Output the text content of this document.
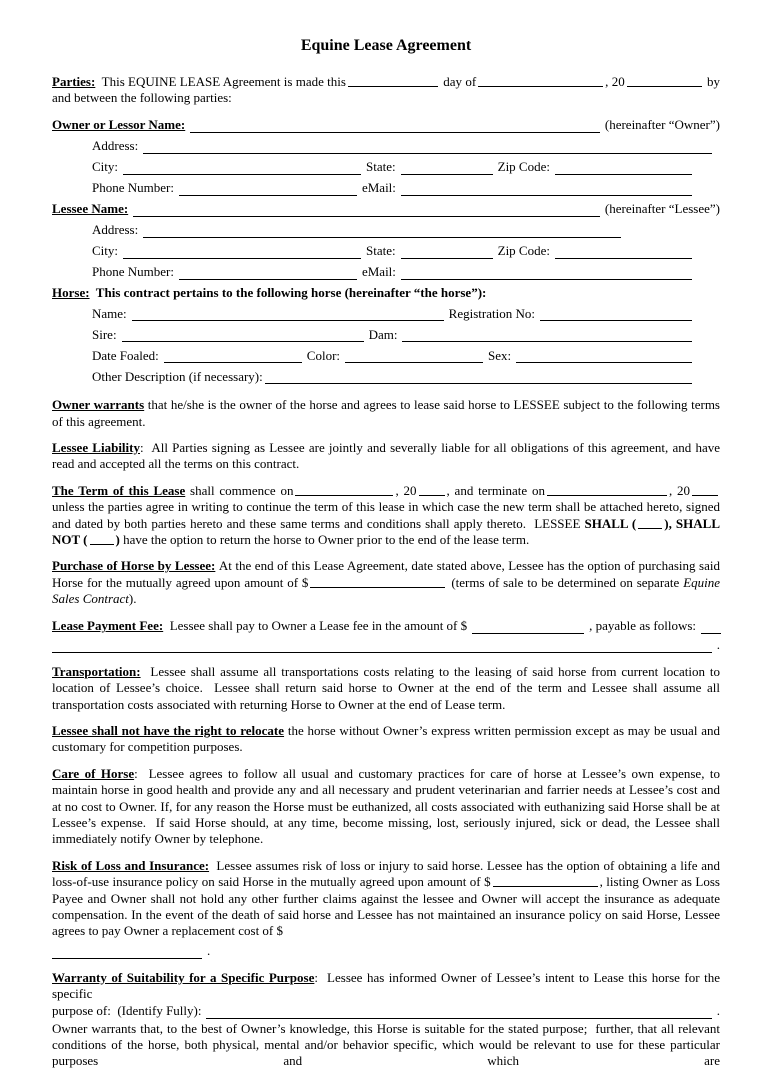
Equine Lease Agreement

Parties:  This EQUINE LEASE Agreement is made this	day of	, 20	by and between the following parties:

Owner or Lessor Name:	(hereinafter “Owner”)
Address:
City:	State:	Zip Code:
Phone Number:	eMail:
Lessee Name:	(hereinafter “Lessee”)
Address:
City:	State:	Zip Code:
Phone Number:	eMail:
Horse: This contract pertains to the following horse (hereinafter “the horse”):
Name:	Registration No:
Sire:	Dam:
Date Foaled:	Color:	Sex:
Other Description (if necessary):

Owner warrants that he/she is the owner of the horse and agrees to lease said horse to LESSEE subject to the following terms of this agreement.

Lessee Liability:  All Parties signing as Lessee are jointly and severally liable for all obligations of this agreement, and have read and accepted all the terms on this contract.

The Term of this Lease shall commence on	, 20 , and terminate on	, 20 unless the parties agree in writing to continue the term of this lease in which case the new term shall be attached hereto, signed and dated by both parties hereto and these same terms and conditions shall apply thereto.  LESSEE SHALL ( ), SHALL NOT ( ) have the option to return the horse to Owner prior to the end of the lease term.

Purchase of Horse by Lessee: At the end of this Lease Agreement, date stated above, Lessee has the option of purchasing said Horse for the mutually agreed upon amount of $	(terms of sale to be determined on separate Equine Sales Contract).

Lease Payment Fee: Lessee shall pay to Owner a Lease fee in the amount of $	, payable as follows:
.

Transportation:  Lessee shall assume all transportations costs relating to the leasing of said horse from current location to location of Lessee’s choice.  Lessee shall return said horse to Owner at the end of the term and Lessee shall assume all transportation costs associated with returning Horse to Owner at the end of Lease term.

Lessee shall not have the right to relocate the horse without Owner’s express written permission except as may be usual and customary for competition purposes.

Care of Horse:  Lessee agrees to follow all usual and customary practices for care of horse at Lessee’s own expense, to maintain horse in good health and provide any and all necessary and prudent veterinarian and farrier needs at Lessee’s cost and at no cost to Owner. If, for any reason the Horse must be euthanized, all costs associated with euthanizing said Horse shall be at Lessee’s expense.  If said Horse should, at any time, become missing, lost, seriously injured, sick or dead, the Lessee shall immediately notify Owner by telephone.

Risk of Loss and Insurance:  Lessee assumes risk of loss or injury to said horse. Lessee has the option of obtaining a life and loss-of-use insurance policy on said Horse in the mutually agreed upon amount of $	, listing Owner as Loss Payee and Owner shall not hold any other further claims against the lessee and Owner will accept the insurance as adequate compensation. In the event of the death of said horse and Lessee has not maintained an insurance policy on said Horse, Lessee agrees to pay Owner a replacement cost of $

.

Warranty of Suitability for a Specific Purpose:  Lessee has informed Owner of Lessee’s intent to Lease this horse for the specific

purpose of:  (Identify Fully):	.

Owner warrants that, to the best of Owner’s knowledge, this Horse is suitable for the stated purpose;  further, that all relevant conditions of the horse, both physical, mental and/or behavior specific, which would be relevant to use for these particular purposes and which are
